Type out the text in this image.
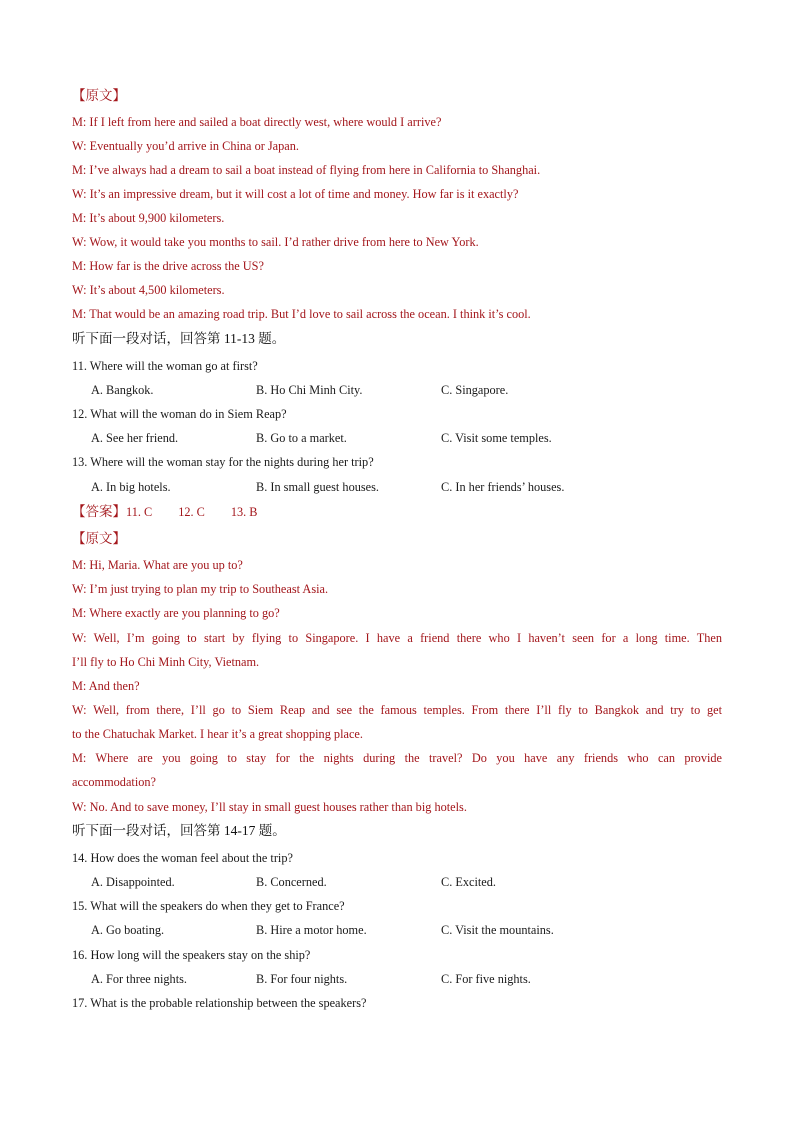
【原文】
M: If I left from here and sailed a boat directly west, where would I arrive?
W: Eventually you’d arrive in China or Japan.
M: I’ve always had a dream to sail a boat instead of flying from here in California to Shanghai.
W: It’s an impressive dream, but it will cost a lot of time and money. How far is it exactly?
M: It’s about 9,900 kilometers.
W: Wow, it would take you months to sail. I’d rather drive from here to New York.
M: How far is the drive across the US?
W: It’s about 4,500 kilometers.
M: That would be an amazing road trip. But I’d love to sail across the ocean. I think it’s cool.
听下面一段对话，回答第 11-13 题。
11. Where will the woman go at first?
A. Bangkok.	B. Ho Chi Minh City.	C. Singapore.
12. What will the woman do in Siem Reap?
A. See her friend.	B. Go to a market.	C. Visit some temples.
13. Where will the woman stay for the nights during her trip?
A. In big hotels.	B. In small guest houses.	C. In her friends’ houses.
【答案】11. C 12. C 13. B
【原文】
M: Hi, Maria. What are you up to?
W: I’m just trying to plan my trip to Southeast Asia.
M: Where exactly are you planning to go?
W: Well, I’m going to start by flying to Singapore. I have a friend there who I haven’t seen for a long time. Then
I’ll fly to Ho Chi Minh City, Vietnam.
M: And then?
W: Well, from there, I’ll go to Siem Reap and see the famous temples. From there I’ll fly to Bangkok and try to get
to the Chatuchak Market. I hear it’s a great shopping place.
M: Where are you going to stay for the nights during the travel? Do you have any friends who can provide
accommodation?
W: No. And to save money, I’ll stay in small guest houses rather than big hotels.
听下面一段对话，回答第 14-17 题。
14. How does the woman feel about the trip?
A. Disappointed.	B. Concerned.	C. Excited.
15. What will the speakers do when they get to France?
A. Go boating.	B. Hire a motor home.	C. Visit the mountains.
16. How long will the speakers stay on the ship?
A. For three nights.	B. For four nights.	C. For five nights.
17. What is the probable relationship between the speakers?
